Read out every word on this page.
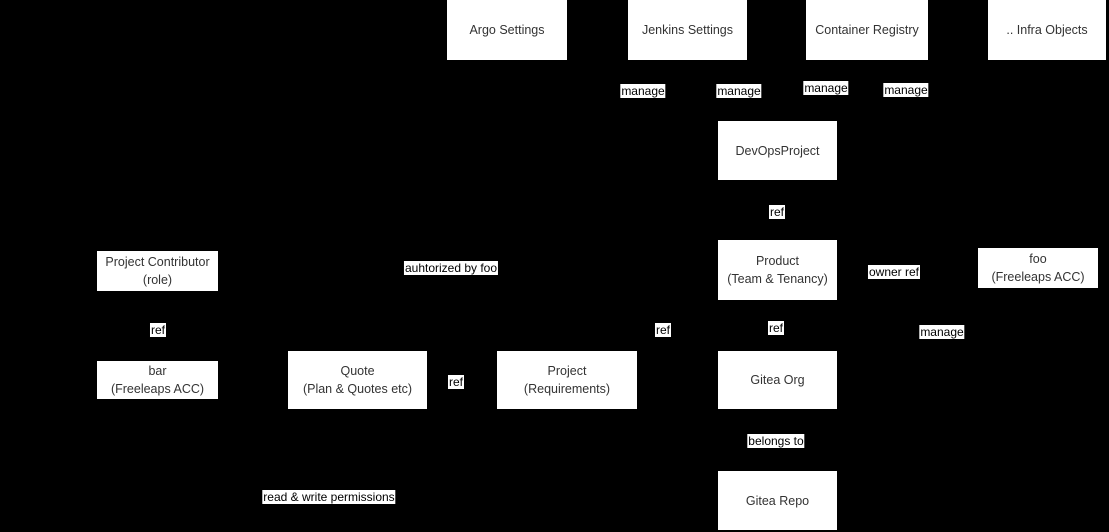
Argo Settings	Jenkins Settings	Container Registry	.. Infra Objects
DevOpsProject
Product
(Team & Tenancy)
Gitea Org
Gitea Repo
foo
(Freeleaps ACC)
Project Contributor
(role)
bar
(Freeleaps ACC)
Quote
(Plan & Quotes etc)
Project
(Requirements)
manage	manage	manage	manage
ref
auhtorized by foo	owner ref
ref	ref
ref	manage
ref
belongs to
read & write permissions
